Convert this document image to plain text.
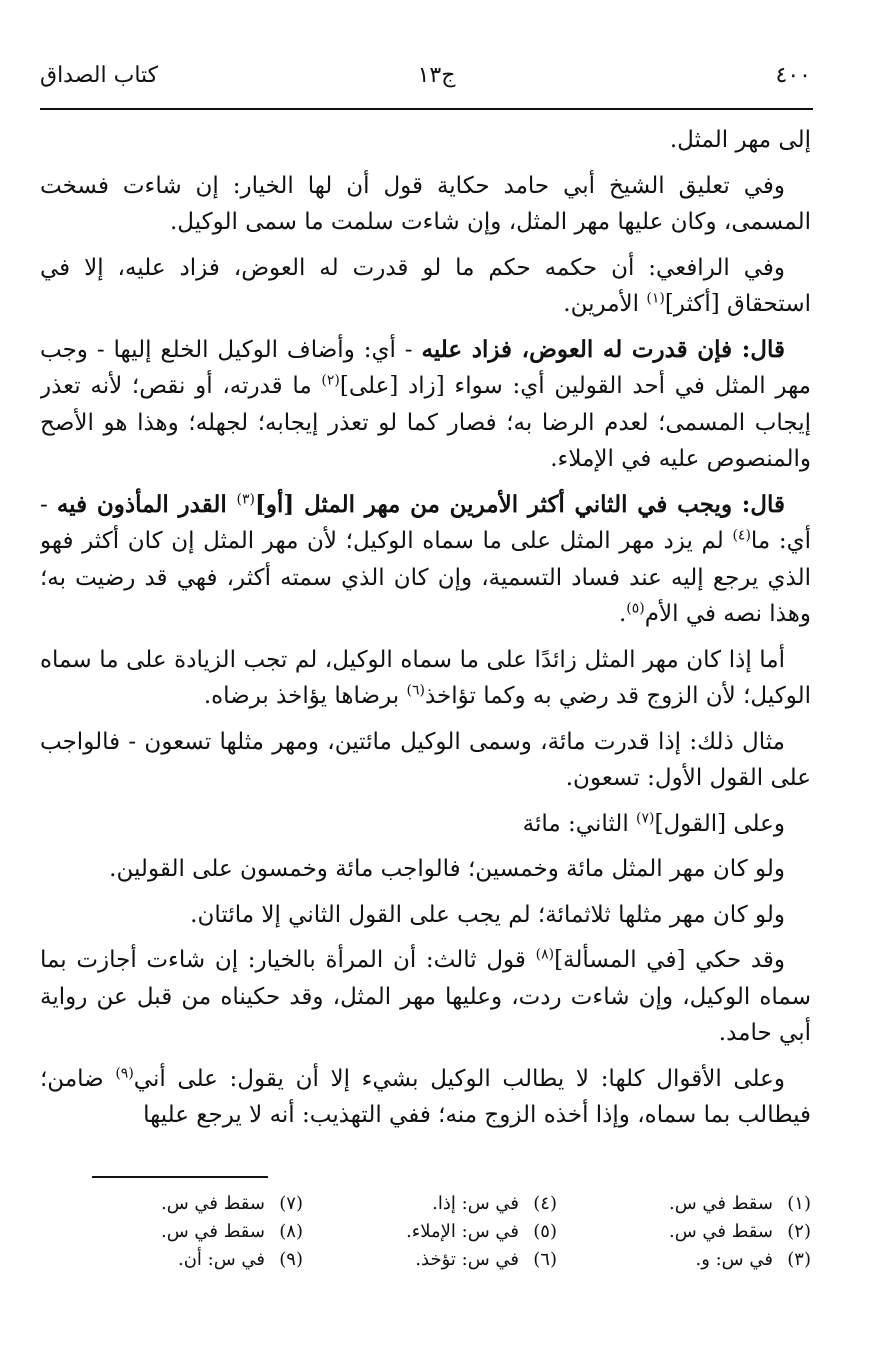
٤٠٠
ج١٣
كتاب الصداق

إلى مهر المثل.

وفي تعليق الشيخ أبي حامد حكاية قول أن لها الخيار: إن شاءت فسخت المسمى، وكان عليها مهر المثل، وإن شاءت سلمت ما سمى الوكيل.

وفي الرافعي: أن حكمه حكم ما لو قدرت له العوض، فزاد عليه، إلا في استحقاق [أكثر]$^{(١)}$ الأمرين.

قال: فإن قدرت له العوض، فزاد عليه - أي: وأضاف الوكيل الخلع إليها - وجب مهر المثل في أحد القولين أي: سواء [زاد [على]$^{(٢)}$ ما قدرته، أو نقص؛ لأنه تعذر إيجاب المسمى؛ لعدم الرضا به؛ فصار كما لو تعذر إيجابه؛ لجهله؛ وهذا هو الأصح والمنصوص عليه في الإملاء.

قال: ويجب في الثاني أكثر الأمرين من مهر المثل [أو]$^{(٣)}$ القدر المأذون فيه - أي: ما$^{(٤)}$ لم يزد مهر المثل على ما سماه الوكيل؛ لأن مهر المثل إن كان أكثر فهو الذي يرجع إليه عند فساد التسمية، وإن كان الذي سمته أكثر، فهي قد رضيت به؛ وهذا نصه في الأم$^{(٥)}$.

أما إذا كان مهر المثل زائدًا على ما سماه الوكيل، لم تجب الزيادة على ما سماه الوكيل؛ لأن الزوج قد رضي به وكما تؤاخذ$^{(٦)}$ برضاها يؤاخذ برضاه.

مثال ذلك: إذا قدرت مائة، وسمى الوكيل مائتين، ومهر مثلها تسعون - فالواجب على القول الأول: تسعون.

وعلى [القول]$^{(٧)}$ الثاني: مائة

ولو كان مهر المثل مائة وخمسين؛ فالواجب مائة وخمسون على القولين.

ولو كان مهر مثلها ثلاثمائة؛ لم يجب على القول الثاني إلا مائتان.

وقد حكي [في المسألة]$^{(٨)}$ قول ثالث: أن المرأة بالخيار: إن شاءت أجازت بما سماه الوكيل، وإن شاءت ردت، وعليها مهر المثل، وقد حكيناه من قبل عن رواية أبي حامد.

وعلى الأقوال كلها: لا يطالب الوكيل بشيء إلا أن يقول: على أني$^{(٩)}$ ضامن؛ فيطالب بما سماه، وإذا أخذه الزوج منه؛ ففي التهذيب: أنه لا يرجع عليها

(١)
سقط في س.
(٢)
سقط في س.
(٣)
في س: و.
(٤)
في س: إذا.
(٥)
في س: الإملاء.
(٦)
في س: تؤخذ.
(٧)
سقط في س.
(٨)
سقط في س.
(٩)
في س: أن.
